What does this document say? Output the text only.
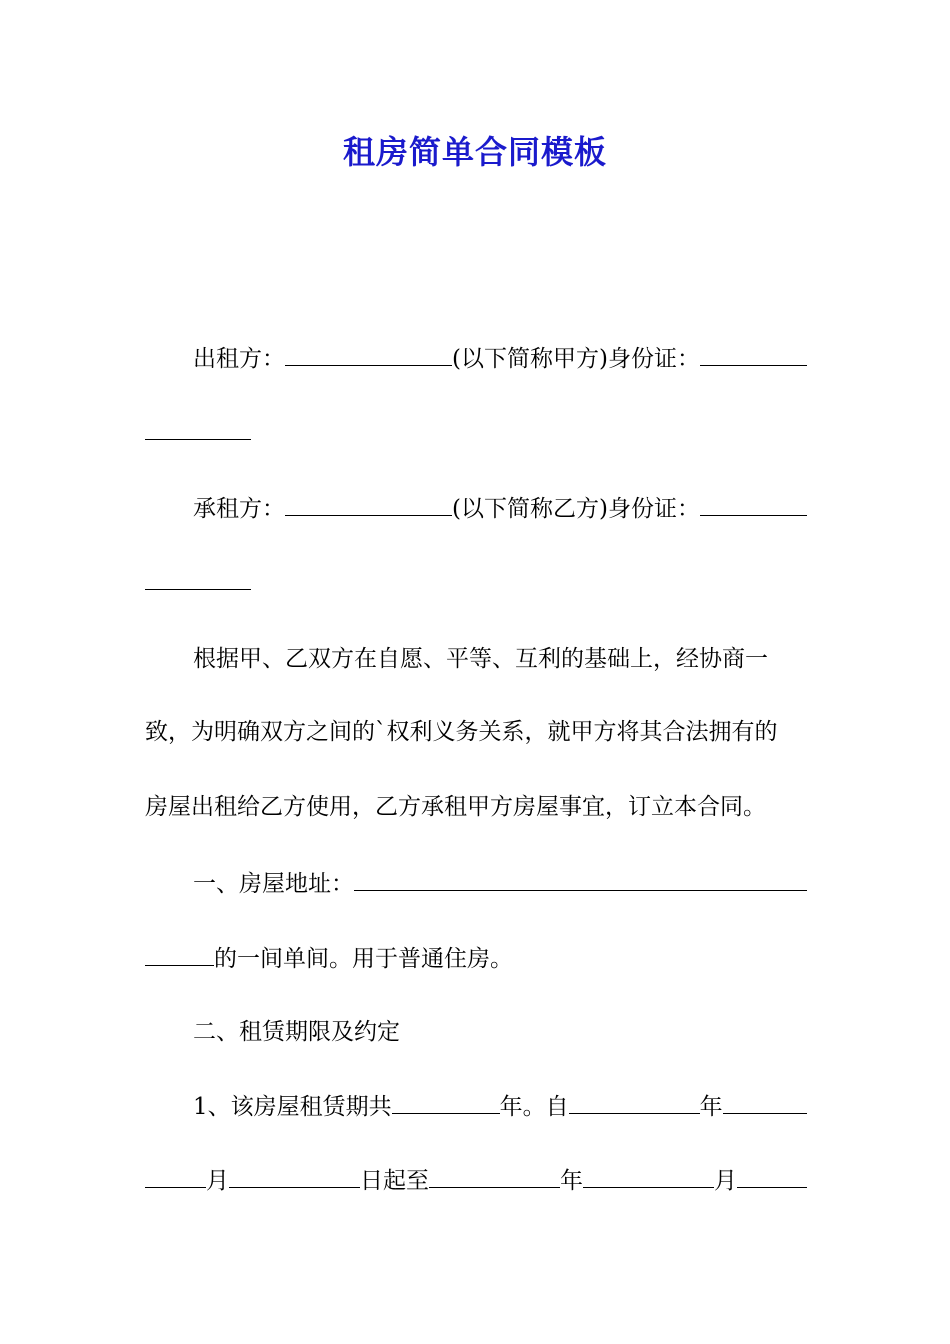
租房简单合同模板
出租方：	(以下简称甲方)身份证：
承租方：	(以下简称乙方)身份证：
根据甲、乙双方在自愿、平等、互利的基础上，经协商一
致，为明确双方之间的`权利义务关系，就甲方将其合法拥有的
房屋出租给乙方使用，乙方承租甲方房屋事宜，订立本合同。
一、房屋地址：
的一间单间。用于普通住房。
二、租赁期限及约定
1、该房屋租赁期共	年。自	年
月	日起至	年	月
